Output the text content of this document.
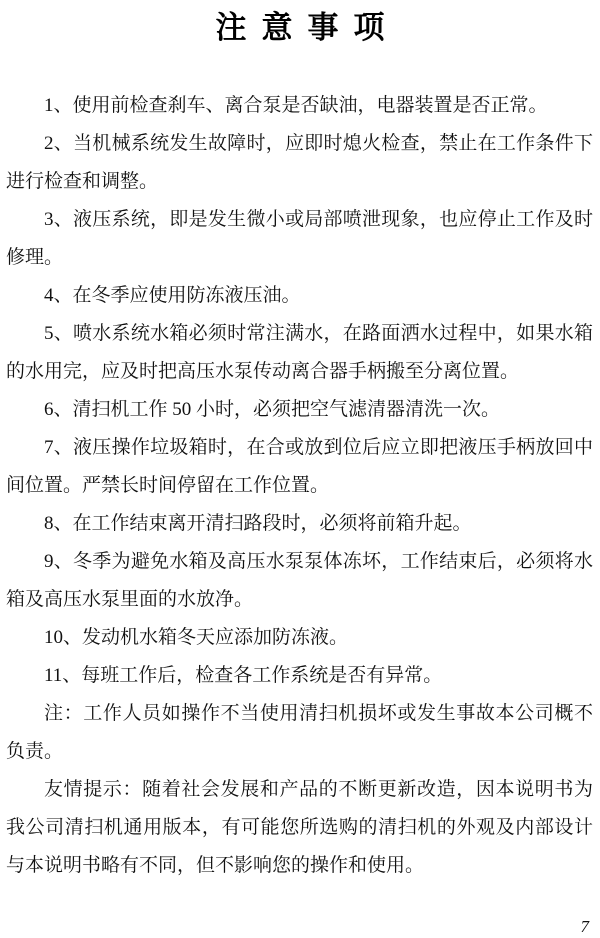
注意事项

1、使用前检查刹车、离合泵是否缺油，电器装置是否正常。

2、当机械系统发生故障时，应即时熄火检查，禁止在工作条件下进行检查和调整。

3、液压系统，即是发生微小或局部喷泄现象，也应停止工作及时修理。

4、在冬季应使用防冻液压油。

5、喷水系统水箱必须时常注满水，在路面洒水过程中，如果水箱的水用完，应及时把高压水泵传动离合器手柄搬至分离位置。

6、清扫机工作 50 小时，必须把空气滤清器清洗一次。

7、液压操作垃圾箱时，在合或放到位后应立即把液压手柄放回中间位置。严禁长时间停留在工作位置。

8、在工作结束离开清扫路段时，必须将前箱升起。

9、冬季为避免水箱及高压水泵泵体冻坏，工作结束后，必须将水箱及高压水泵里面的水放净。

10、发动机水箱冬天应添加防冻液。

11、每班工作后，检查各工作系统是否有异常。

注：工作人员如操作不当使用清扫机损坏或发生事故本公司概不负责。

友情提示：随着社会发展和产品的不断更新改造，因本说明书为我公司清扫机通用版本，有可能您所选购的清扫机的外观及内部设计与本说明书略有不同，但不影响您的操作和使用。

7
